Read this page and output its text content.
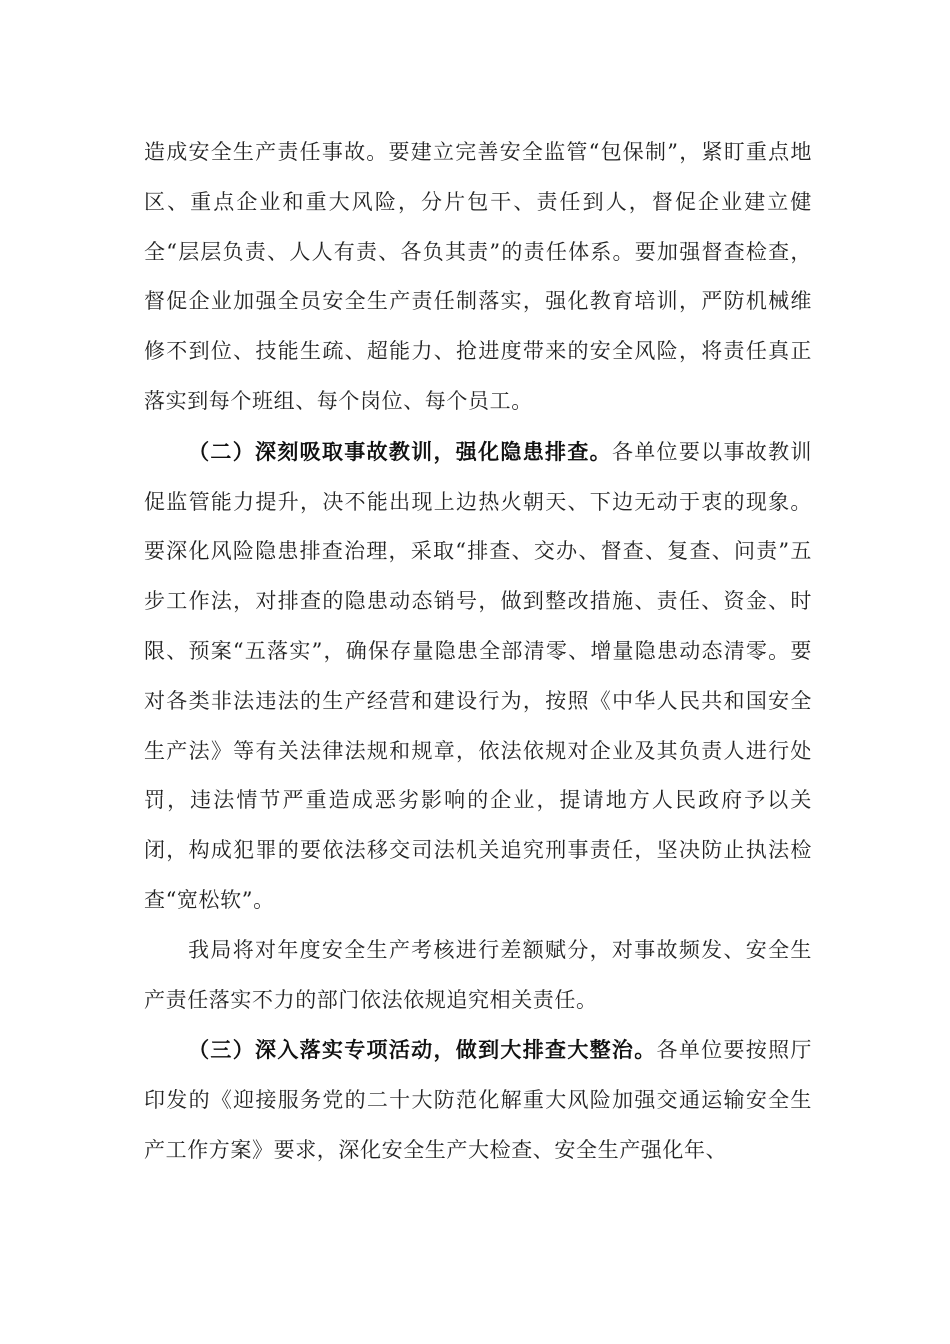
造成安全生产责任事故。要建立完善安全监管“包保制”，紧盯重点地区、重点企业和重大风险，分片包干、责任到人，督促企业建立健全“层层负责、人人有责、各负其责”的责任体系。要加强督查检查，督促企业加强全员安全生产责任制落实，强化教育培训，严防机械维修不到位、技能生疏、超能力、抢进度带来的安全风险，将责任真正落实到每个班组、每个岗位、每个员工。

（二）深刻吸取事故教训，强化隐患排查。各单位要以事故教训促监管能力提升，决不能出现上边热火朝天、下边无动于衷的现象。要深化风险隐患排查治理，采取“排查、交办、督查、复查、问责”五步工作法，对排查的隐患动态销号，做到整改措施、责任、资金、时限、预案“五落实”，确保存量隐患全部清零、增量隐患动态清零。要对各类非法违法的生产经营和建设行为，按照《中华人民共和国安全生产法》等有关法律法规和规章，依法依规对企业及其负责人进行处罚，违法情节严重造成恶劣影响的企业，提请地方人民政府予以关闭，构成犯罪的要依法移交司法机关追究刑事责任，坚决防止执法检查“宽松软”。

我局将对年度安全生产考核进行差额赋分，对事故频发、安全生产责任落实不力的部门依法依规追究相关责任。

（三）深入落实专项活动，做到大排查大整治。各单位要按照厅印发的《迎接服务党的二十大防范化解重大风险加强交通运输安全生产工作方案》要求，深化安全生产大检查、安全生产强化年、
